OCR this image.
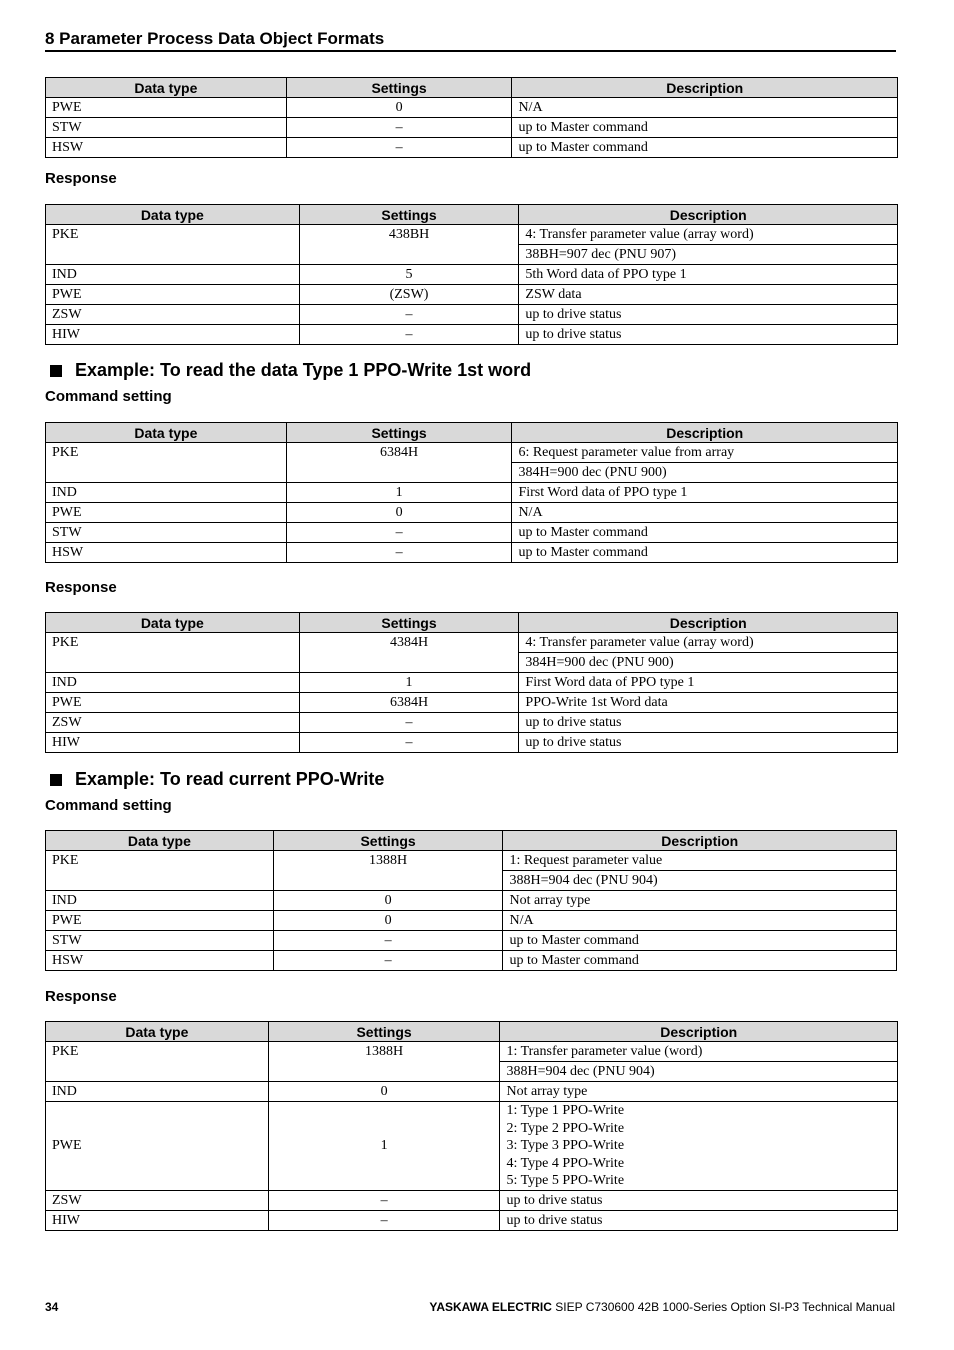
8 Parameter Process Data Object Formats
Data type	Settings	Description
PWE	0	N/A
STW	–	up to Master command
HSW	–	up to Master command
Response
Data type	Settings	Description
PKE	438BH	4: Transfer parameter value (array word)
		38BH=907 dec (PNU 907)
IND	5	5th Word data of PPO type 1
PWE	(ZSW)	ZSW data
ZSW	–	up to drive status
HIW	–	up to drive status
Example: To read the data Type 1 PPO-Write 1st word
Command setting
Data type	Settings	Description
PKE	6384H	6: Request parameter value from array
		384H=900 dec (PNU 900)
IND	1	First Word data of PPO type 1
PWE	0	N/A
STW	–	up to Master command
HSW	–	up to Master command
Response
Data type	Settings	Description
PKE	4384H	4: Transfer parameter value (array word)
		384H=900 dec (PNU 900)
IND	1	First Word data of PPO type 1
PWE	6384H	PPO-Write 1st Word data
ZSW	–	up to drive status
HIW	–	up to drive status
Example: To read current PPO-Write
Command setting
Data type	Settings	Description
PKE	1388H	1: Request parameter value
		388H=904 dec (PNU 904)
IND	0	Not array type
PWE	0	N/A
STW	–	up to Master command
HSW	–	up to Master command
Response
Data type	Settings	Description
PKE	1388H	1: Transfer parameter value (word)
		388H=904 dec (PNU 904)
IND	0	Not array type
PWE	1	1: Type 1 PPO-Write
2: Type 2 PPO-Write
3: Type 3 PPO-Write
4: Type 4 PPO-Write
5: Type 5 PPO-Write
ZSW	–	up to drive status
HIW	–	up to drive status
34	YASKAWA ELECTRIC SIEP C730600 42B 1000-Series Option SI-P3 Technical Manual
